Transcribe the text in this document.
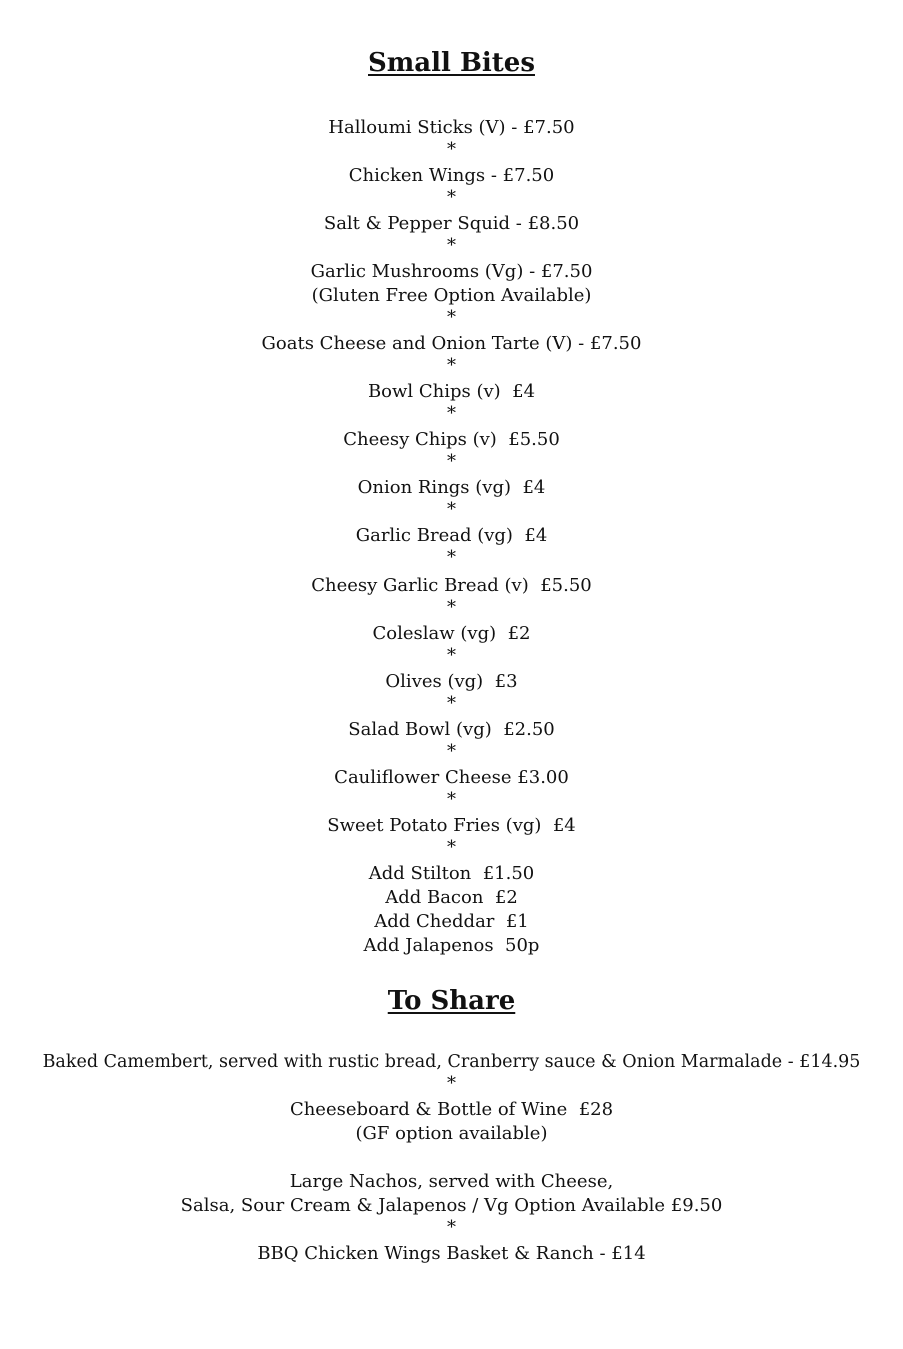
Small Bites
Halloumi Sticks (V) - £7.50
*
Chicken Wings - £7.50
*
Salt & Pepper Squid - £8.50
*
Garlic Mushrooms (Vg) - £7.50
(Gluten Free Option Available)
*
Goats Cheese and Onion Tarte (V) - £7.50
*
Bowl Chips (v)  £4
*
Cheesy Chips (v)  £5.50
*
Onion Rings (vg)  £4
*
Garlic Bread (vg)  £4
*
Cheesy Garlic Bread (v)  £5.50
*
Coleslaw (vg)  £2
*
Olives (vg)  £3
*
Salad Bowl (vg)  £2.50
*
Cauliflower Cheese £3.00
*
Sweet Potato Fries (vg)  £4
*
Add Stilton  £1.50
Add Bacon  £2
Add Cheddar  £1
Add Jalapenos  50p
To Share
Baked Camembert, served with rustic bread, Cranberry sauce & Onion Marmalade - £14.95
*
Cheeseboard & Bottle of Wine  £28
(GF option available)
Large Nachos, served with Cheese,
Salsa, Sour Cream & Jalapenos / Vg Option Available £9.50
*
BBQ Chicken Wings Basket & Ranch - £14
